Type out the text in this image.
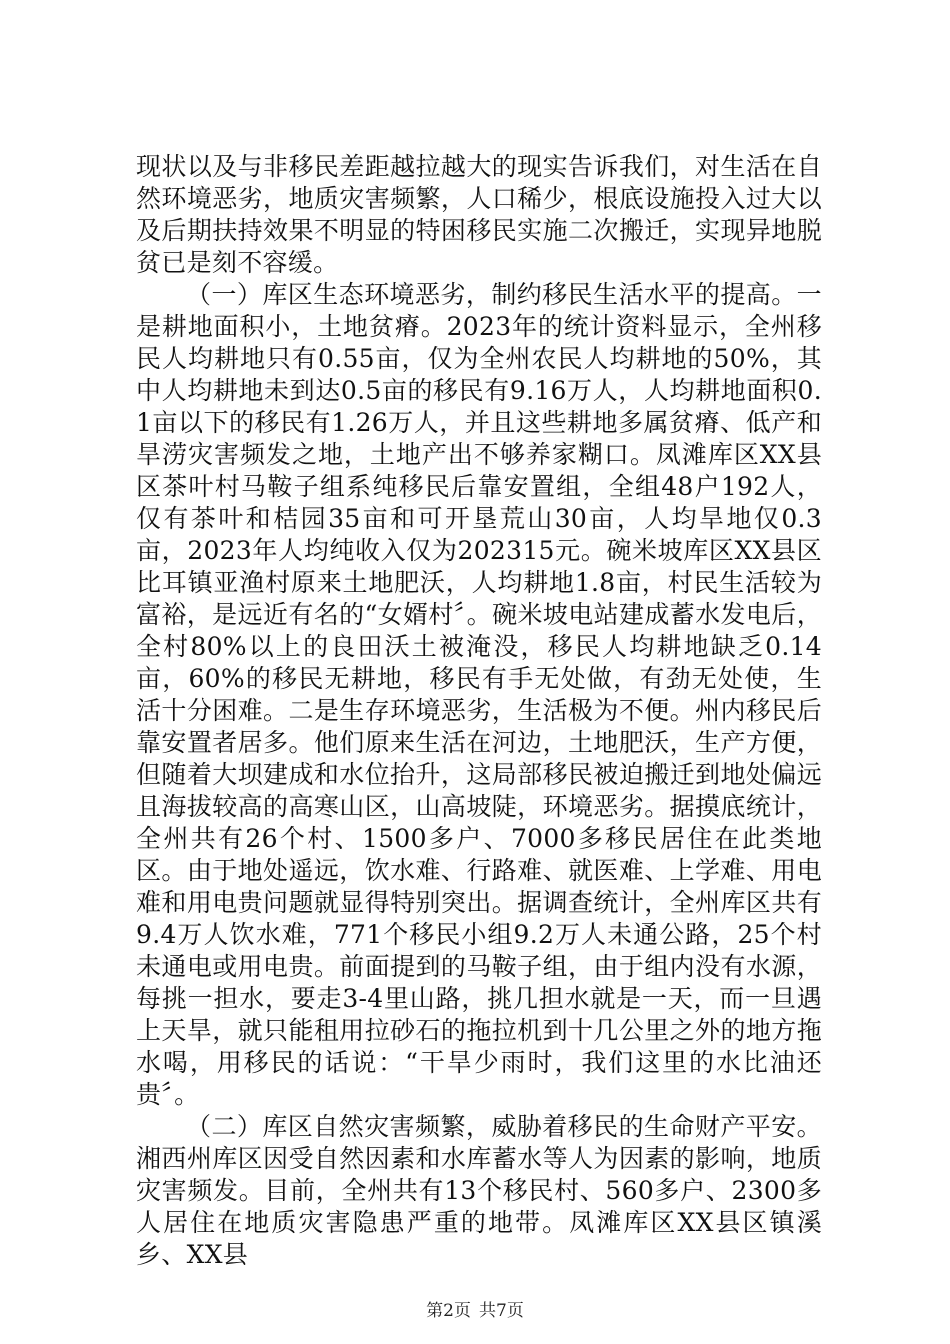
现状以及与非移民差距越拉越大的现实告诉我们，对生活在自然环境恶劣，地质灾害频繁，人口稀少，根底设施投入过大以及后期扶持效果不明显的特困移民实施二次搬迁，实现异地脱贫已是刻不容缓。

（一）库区生态环境恶劣，制约移民生活水平的提高。一是耕地面积小，土地贫瘠。2023年的统计资料显示，全州移民人均耕地只有0.55亩，仅为全州农民人均耕地的50%，其中人均耕地未到达0.5亩的移民有9.16万人，人均耕地面积0.1亩以下的移民有1.26万人，并且这些耕地多属贫瘠、低产和旱涝灾害频发之地，土地产出不够养家糊口。凤滩库区XX县区茶叶村马鞍子组系纯移民后靠安置组，全组48户192人，仅有茶叶和桔园35亩和可开垦荒山30亩，人均旱地仅0.3亩，2023年人均纯收入仅为202315元。碗米坡库区XX县区比耳镇亚渔村原来土地肥沃，人均耕地1.8亩，村民生活较为富裕，是远近有名的“女婿村〞。碗米坡电站建成蓄水发电后，全村80%以上的良田沃土被淹没，移民人均耕地缺乏0.14亩，60%的移民无耕地，移民有手无处做，有劲无处使，生活十分困难。二是生存环境恶劣，生活极为不便。州内移民后靠安置者居多。他们原来生活在河边，土地肥沃，生产方便，但随着大坝建成和水位抬升，这局部移民被迫搬迁到地处偏远且海拔较高的高寒山区，山高坡陡，环境恶劣。据摸底统计，全州共有26个村、1500多户、7000多移民居住在此类地区。由于地处遥远，饮水难、行路难、就医难、上学难、用电难和用电贵问题就显得特别突出。据调查统计，全州库区共有9.4万人饮水难，771个移民小组9.2万人未通公路，25个村未通电或用电贵。前面提到的马鞍子组，由于组内没有水源，每挑一担水，要走3-4里山路，挑几担水就是一天，而一旦遇上天旱，就只能租用拉砂石的拖拉机到十几公里之外的地方拖水喝，用移民的话说：“干旱少雨时，我们这里的水比油还贵〞。

（二）库区自然灾害频繁，威胁着移民的生命财产平安。湘西州库区因受自然因素和水库蓄水等人为因素的影响，地质灾害频发。目前，全州共有13个移民村、560多户、2300多人居住在地质灾害隐患严重的地带。凤滩库区XX县区镇溪乡、XX县

第2页 共7页
